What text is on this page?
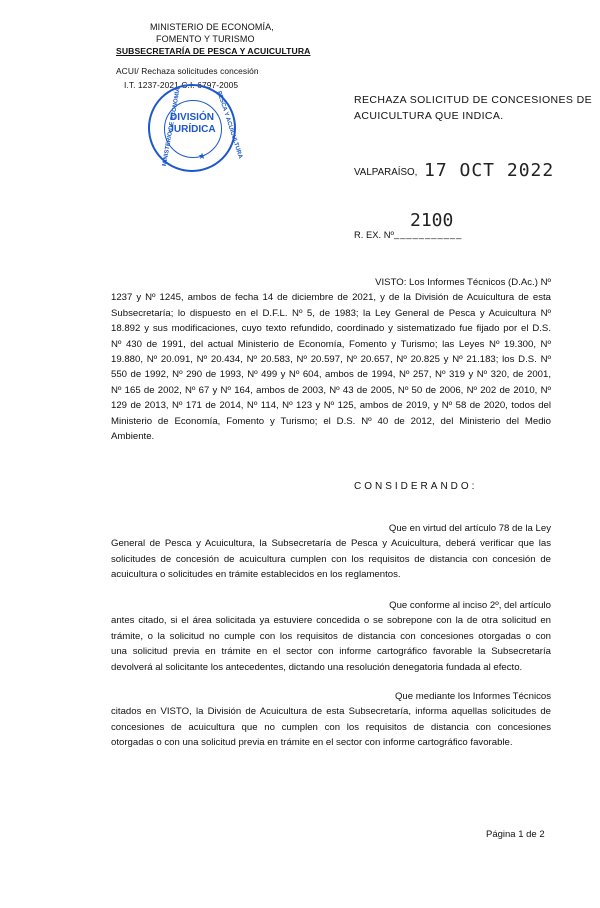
MINISTERIO DE ECONOMÍA,
FOMENTO Y TURISMO
SUBSECRETARÍA DE PESCA Y ACUICULTURA
ACUI/ Rechaza solicitudes concesión
I.T. 1237-2021 C.I. 6797-2005
DIVISIÓN
JURÍDICA
MINISTERIO DE ECONOMÍA	PESCA Y ACUICULTURA
★
RECHAZA SOLICITUD DE CONCESIONES DE
ACUICULTURA QUE INDICA.
VALPARAÍSO, 17 OCT 2022
R. EX. Nº ___________
2100
VISTO: Los Informes Técnicos (D.Ac.) Nº
1237 y Nº 1245, ambos de fecha 14 de diciembre de 2021, y de la División de Acuicultura de esta
Subsecretaría; lo dispuesto en el D.F.L. Nº 5, de 1983; la Ley General de Pesca y Acuicultura Nº
18.892 y sus modificaciones, cuyo texto refundido, coordinado y sistematizado fue fijado por el D.S.
Nº 430 de 1991, del actual Ministerio de Economía, Fomento y Turismo; las Leyes Nº 19.300, Nº
19.880, Nº 20.091, Nº 20.434, Nº 20.583, Nº 20.597, Nº 20.657, Nº 20.825 y Nº 21.183; los D.S. Nº
550 de 1992, Nº 290 de 1993, Nº 499 y Nº 604, ambos de 1994, Nº 257, Nº 319 y Nº 320, de 2001,
Nº 165 de 2002, Nº 67 y Nº 164, ambos de 2003, Nº 43 de 2005, Nº 50 de 2006, Nº 202 de 2010, Nº
129 de 2013, Nº 171 de 2014, Nº 114, Nº 123 y Nº 125, ambos de 2019, y Nº 58 de 2020, todos del
Ministerio de Economía, Fomento y Turismo; el D.S. Nº 40 de 2012, del Ministerio del Medio
Ambiente.
CONSIDERANDO:
Que en virtud del artículo 78 de la Ley
General de Pesca y Acuicultura, la Subsecretaría de Pesca y Acuicultura, deberá verificar que las
solicitudes de concesión de acuicultura cumplen con los requisitos de distancia con concesión de
acuicultura o solicitudes en trámite establecidos en los reglamentos.
Que conforme al inciso 2º, del artículo
antes citado, si el área solicitada ya estuviere concedida o se sobrepone con la de otra solicitud en
trámite, o la solicitud no cumple con los requisitos de distancia con concesiones otorgadas o con
una solicitud previa en trámite en el sector con informe cartográfico favorable la Subsecretaría
devolverá al solicitante los antecedentes, dictando una resolución denegatoria fundada al efecto.
Que mediante los Informes Técnicos
citados en VISTO, la División de Acuicultura de esta Subsecretaría, informa aquellas solicitudes de
concesiones de acuicultura que no cumplen con los requisitos de distancia con concesiones
otorgadas o con una solicitud previa en trámite en el sector con informe cartográfico favorable.
Página 1 de 2
